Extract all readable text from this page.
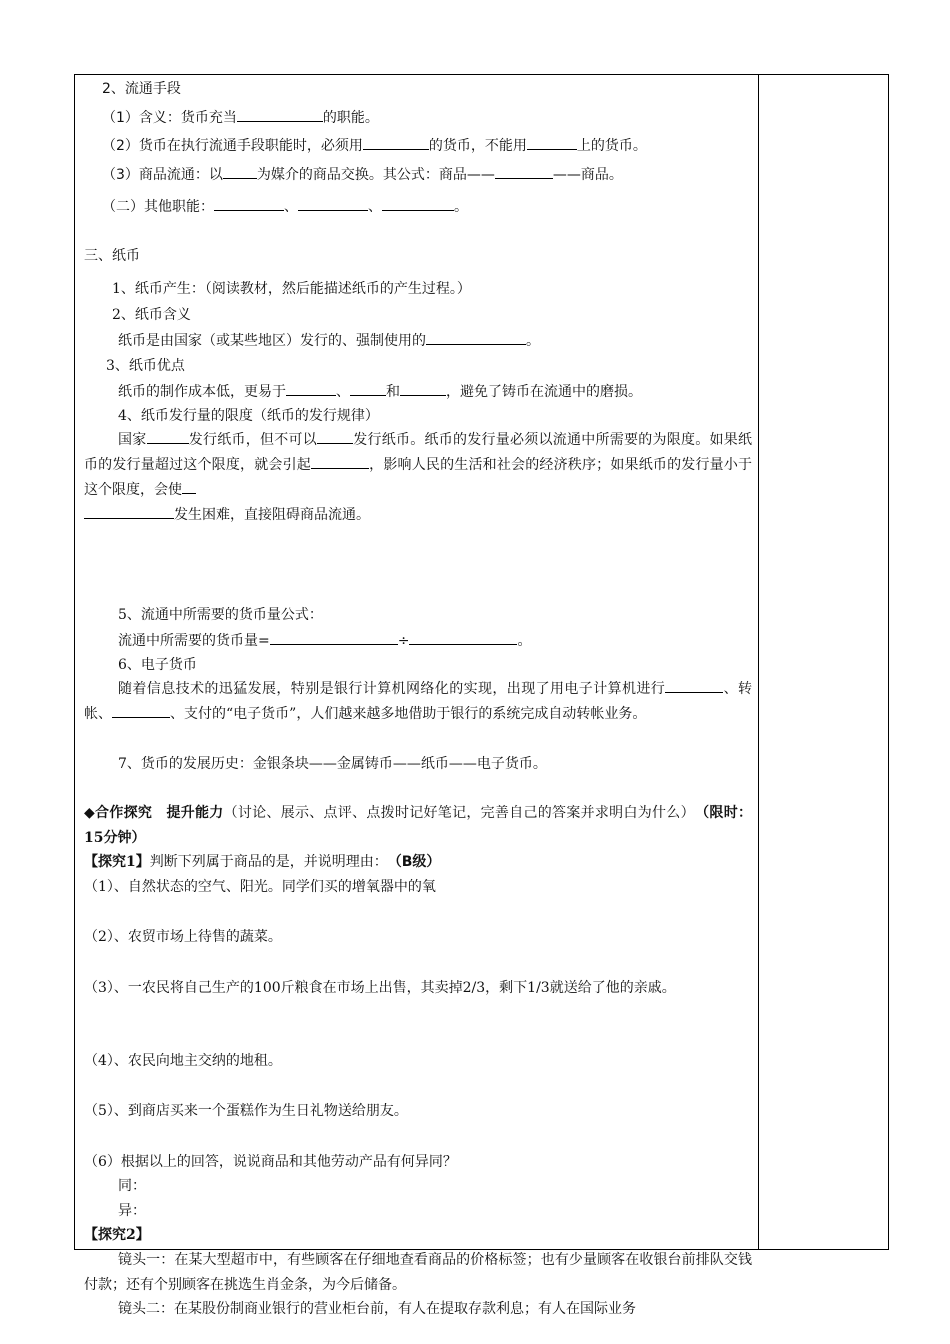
2、流通手段
（1）含义：货币充当	的职能。
（2）货币在执行流通手段职能时，必须用	的货币，不能用	上的货币。
（3）商品流通：以 为媒介的商品交换。其公式：商品——	——商品。
（二）其他职能：	、	、	。
三、纸币
1、纸币产生：（阅读教材，然后能描述纸币的产生过程。）
2、纸币含义
纸币是由国家（或某些地区）发行的、强制使用的	。
3、纸币优点
纸币的制作成本低，更易于	、	和	，避免了铸币在流通中的磨损。
4、纸币发行量的限度（纸币的发行规律）
国家	发行纸币，但不可以	发行纸币。纸币的发行量必须以流通中所需要的为限度。如果纸币的发行量超过这个限度，就会引起	，影响人民的生活和社会的经济秩序；如果纸币的发行量小于这个限度，会使
发生困难，直接阻碍商品流通。
5、流通中所需要的货币量公式：
流通中所需要的货币量=	÷	。
6、电子货币
随着信息技术的迅猛发展，特别是银行计算机网络化的实现，出现了用电子计算机进行	、转帐、	、支付的“电子货币”，人们越来越多地借助于银行的系统完成自动转帐业务。
7、货币的发展历史：金银条块——金属铸币——纸币——电子货币。
◆合作探究　提升能力（讨论、展示、点评、点拨时记好笔记，完善自己的答案并求明白为什么）　（限时：15分钟）
【探究1】判断下列属于商品的是，并说明理由：　（B级）
（1）、自然状态的空气、阳光。同学们买的增氧器中的氧
（2）、农贸市场上待售的蔬菜。
（3）、一农民将自己生产的100斤粮食在市场上出售，其卖掉2/3，剩下1/3就送给了他的亲戚。
（4）、农民向地主交纳的地租。
（5）、到商店买来一个蛋糕作为生日礼物送给朋友。
（6）根据以上的回答，说说商品和其他劳动产品有何异同？
同：
异：
【探究2】
镜头一：在某大型超市中，有些顾客在仔细地查看商品的价格标签；也有少量顾客在收银台前排队交钱付款；还有个别顾客在挑选生肖金条，为今后储备。
镜头二：在某股份制商业银行的营业柜台前，有人在提取存款利息；有人在国际业务
